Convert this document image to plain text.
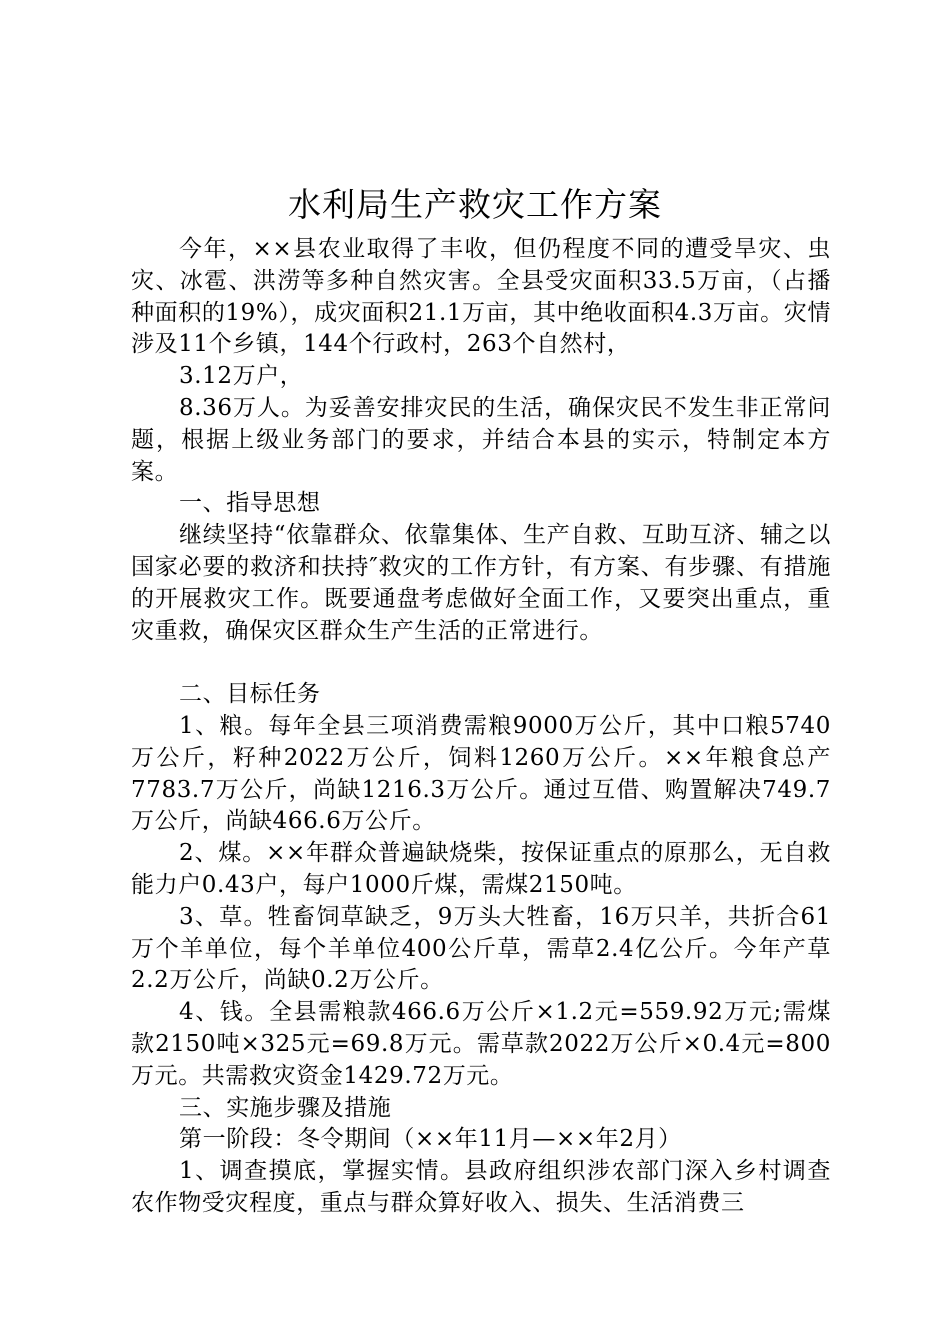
水利局生产救灾工作方案

今年，××县农业取得了丰收，但仍程度不同的遭受旱灾、虫灾、冰雹、洪涝等多种自然灾害。全县受灾面积33.5万亩，（占播种面积的19%），成灾面积21.1万亩，其中绝收面积4.3万亩。灾情涉及11个乡镇，144个行政村，263个自然村，

3.12万户，

8.36万人。为妥善安排灾民的生活，确保灾民不发生非正常问题，根据上级业务部门的要求，并结合本县的实示，特制定本方案。

一、指导思想

继续坚持“依靠群众、依靠集体、生产自救、互助互济、辅之以国家必要的救济和扶持″救灾的工作方针，有方案、有步骤、有措施的开展救灾工作。既要通盘考虑做好全面工作，又要突出重点，重灾重救，确保灾区群众生产生活的正常进行。

二、目标任务

1、粮。每年全县三项消费需粮9000万公斤，其中口粮5740万公斤，籽种2022万公斤，饲料1260万公斤。××年粮食总产7783.7万公斤，尚缺1216.3万公斤。通过互借、购置解决749.7万公斤，尚缺466.6万公斤。

2、煤。××年群众普遍缺烧柴，按保证重点的原那么，无自救能力户0.43户，每户1000斤煤，需煤2150吨。

3、草。牲畜饲草缺乏，9万头大牲畜，16万只羊，共折合61万个羊单位，每个羊单位400公斤草，需草2.4亿公斤。今年产草2.2万公斤，尚缺0.2万公斤。

4、钱。全县需粮款466.6万公斤×1.2元=559.92万元;需煤款2150吨×325元=69.8万元。需草款2022万公斤×0.4元=800万元。共需救灾资金1429.72万元。

三、实施步骤及措施

第一阶段：冬令期间（××年11月—××年2月）

1、调查摸底，掌握实情。县政府组织涉农部门深入乡村调查农作物受灾程度，重点与群众算好收入、损失、生活消费三
